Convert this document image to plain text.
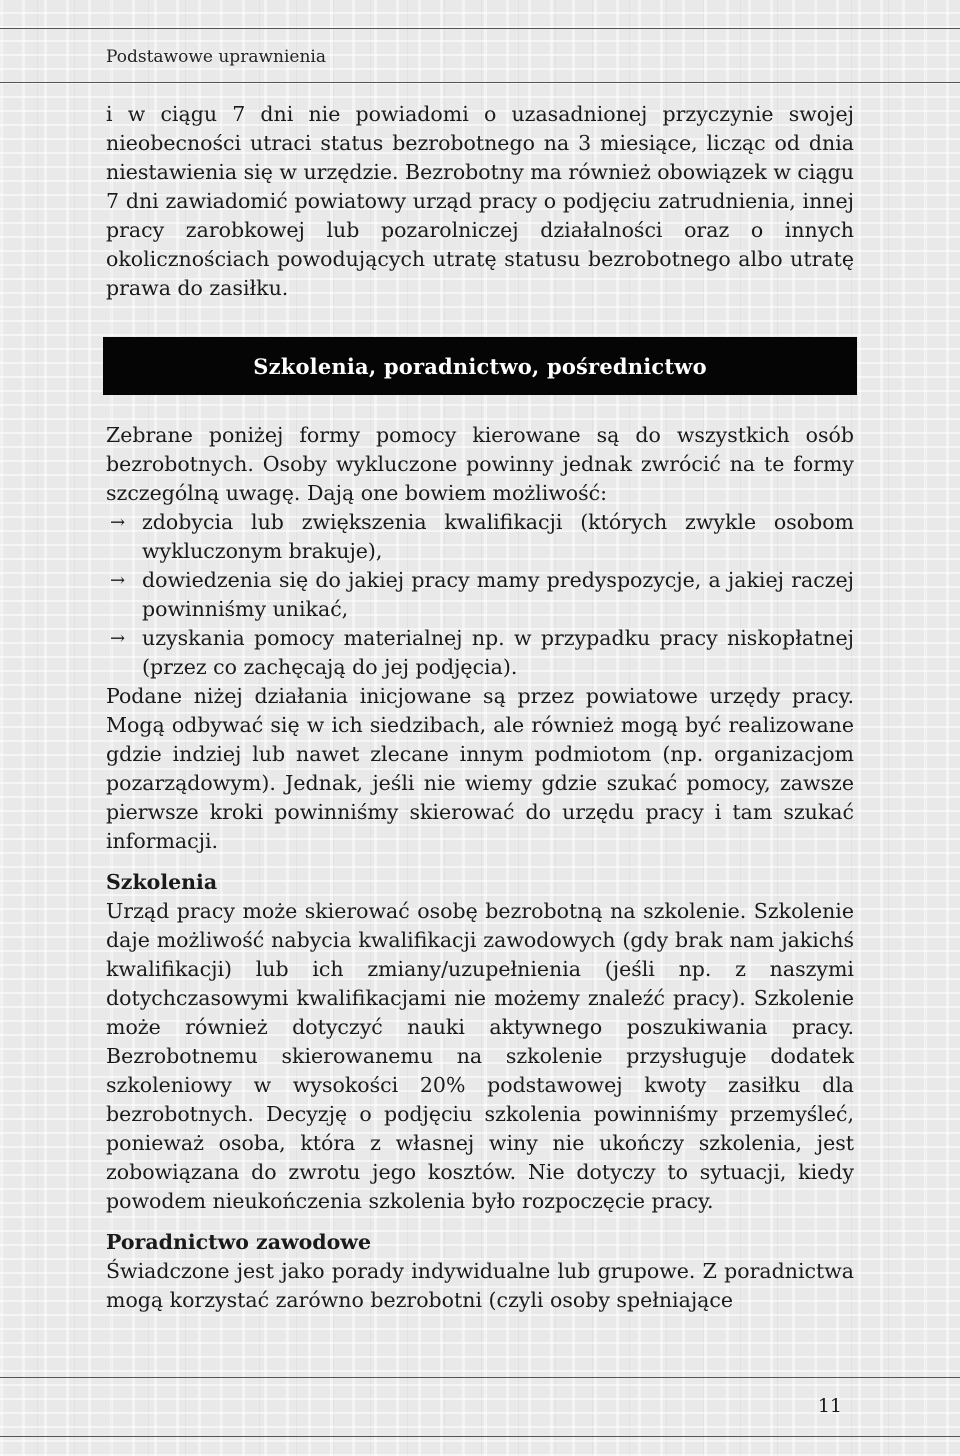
Podstawowe uprawnienia

i w ciągu 7 dni nie powiadomi o uzasadnionej przyczynie swojej nieobecności utraci status bezrobotnego na 3 miesiące, licząc od dnia niestawienia się w urzędzie. Bezrobotny ma również obowiązek w ciągu 7 dni zawiadomić powiatowy urząd pracy o podjęciu zatrudnienia, innej pracy zarobkowej lub pozarolniczej działalności oraz o innych okolicznościach powodujących utratę statusu bezrobotnego albo utratę prawa do zasiłku.

Szkolenia, poradnictwo, pośrednictwo

Zebrane poniżej formy pomocy kierowane są do wszystkich osób bezrobotnych. Osoby wykluczone powinny jednak zwrócić na te formy szczególną uwagę. Dają one bowiem możliwość:

→ zdobycia lub zwiększenia kwalifikacji (których zwykle osobom wykluczonym brakuje),
→ dowiedzenia się do jakiej pracy mamy predyspozycje, a jakiej raczej powinniśmy unikać,
→ uzyskania pomocy materialnej np. w przypadku pracy niskopłatnej (przez co zachęcają do jej podjęcia).

Podane niżej działania inicjowane są przez powiatowe urzędy pracy. Mogą odbywać się w ich siedzibach, ale również mogą być realizowane gdzie indziej lub nawet zlecane innym podmiotom (np. organizacjom pozarządowym). Jednak, jeśli nie wiemy gdzie szukać pomocy, zawsze pierwsze kroki powinniśmy skierować do urzędu pracy i tam szukać informacji.

Szkolenia

Urząd pracy może skierować osobę bezrobotną na szkolenie. Szkolenie daje możliwość nabycia kwalifikacji zawodowych (gdy brak nam jakichś kwalifikacji) lub ich zmiany/uzupełnienia (jeśli np. z naszymi dotychczasowymi kwalifikacjami nie możemy znaleźć pracy). Szkolenie może również dotyczyć nauki aktywnego poszukiwania pracy. Bezrobotnemu skierowanemu na szkolenie przysługuje dodatek szkoleniowy w wysokości 20% podstawowej kwoty zasiłku dla bezrobotnych. Decyzję o podjęciu szkolenia powinniśmy przemyśleć, ponieważ osoba, która z własnej winy nie ukończy szkolenia, jest zobowiązana do zwrotu jego kosztów. Nie dotyczy to sytuacji, kiedy powodem nieukończenia szkolenia było rozpoczęcie pracy.

Poradnictwo zawodowe

Świadczone jest jako porady indywidualne lub grupowe. Z poradnictwa mogą korzystać zarówno bezrobotni (czyli osoby spełniające

11
